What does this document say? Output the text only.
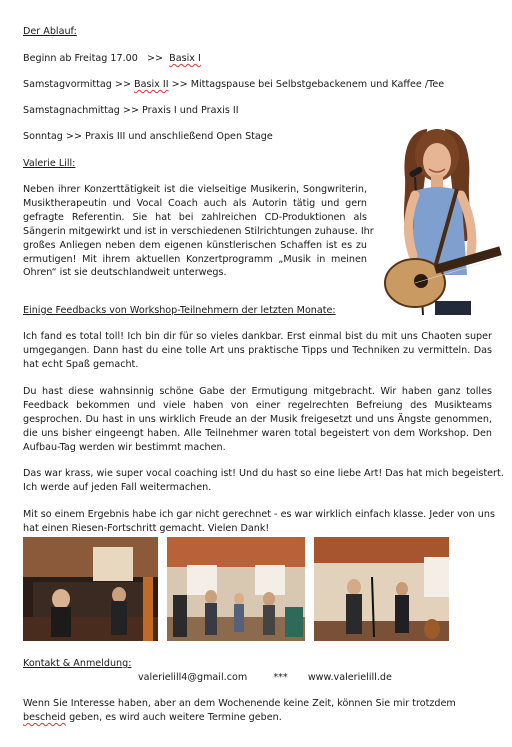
Der Ablauf:
Beginn ab Freitag 17.00   >>  Basix I
Samstagvormittag >> Basix II >> Mittagspause bei Selbstgebackenem und Kaffee /Tee
Samstagnachmittag >> Praxis I und Praxis II
Sonntag >> Praxis III und anschließend Open Stage
Valerie Lill:
Neben ihrer Konzerttätigkeit ist die vielseitige Musikerin, Songwriterin,
Musiktherapeutin und Vocal Coach auch als Autorin tätig und gern
gefragte Referentin. Sie hat bei zahlreichen CD-Produktionen als
Sängerin mitgewirkt und ist in verschiedenen Stilrichtungen zuhause. Ihr
großes Anliegen neben dem eigenen künstlerischen Schaffen ist es zu
ermutigen! Mit ihrem aktuellen Konzertprogramm „Musik in meinen
Ohren“ ist sie deutschlandweit unterwegs.
Einige Feedbacks von Workshop-Teilnehmern der letzten Monate:
Ich fand es total toll! Ich bin dir für so vieles dankbar. Erst einmal bist du mit uns Chaoten super
umgegangen. Dann hast du eine tolle Art uns praktische Tipps und Techniken zu vermitteln. Das
hat echt Spaß gemacht.
Du hast diese wahnsinnig schöne Gabe der Ermutigung mitgebracht. Wir haben ganz tolles
Feedback bekommen und viele haben von einer regelrechten Befreiung des Musikteams
gesprochen. Du hast in uns wirklich Freude an der Musik freigesetzt und uns Ängste genommen,
die uns bisher eingeengt haben. Alle Teilnehmer waren total begeistert von dem Workshop. Den
Aufbau-Tag werden wir bestimmt machen.
Das war krass, wie super vocal coaching ist! Und du hast so eine liebe Art! Das hat mich begeistert.
Ich werde auf jeden Fall weitermachen.
Mit so einem Ergebnis habe ich gar nicht gerechnet - es war wirklich einfach klasse. Jeder von uns
hat einen Riesen-Fortschritt gemacht. Vielen Dank!
Kontakt & Anmeldung:
valerielill4@gmail.com	*** www.valerielill.de
Wenn Sie Interesse haben, aber an dem Wochenende keine Zeit, können Sie mir trotzdem
bescheid geben, es wird auch weitere Termine geben.
